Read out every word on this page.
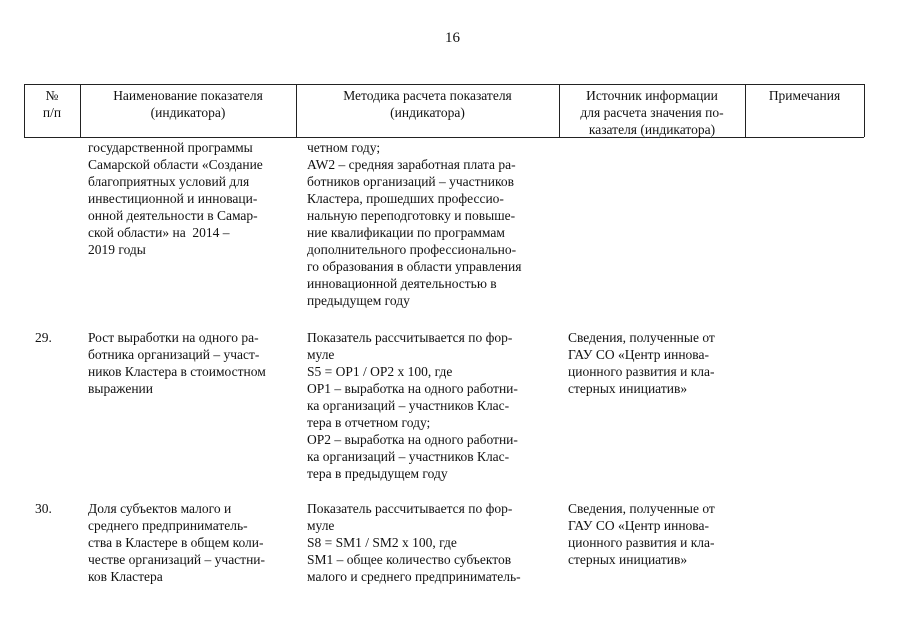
16
№
п/п
Наименование показателя
(индикатора)
Методика расчета показателя
(индикатора)
Источник информации
для расчета значения по-
казателя (индикатора)
Примечания
государственной программы
Самарской области «Создание
благоприятных условий для
инвестиционной и инноваци-
онной деятельности в Самар-
ской области» на  2014 –
2019 годы
четном году;
AW2 – средняя заработная плата ра-
ботников организаций – участников
Кластера, прошедших профессио-
нальную переподготовку и повыше-
ние квалификации по программам
дополнительного профессионально-
го образования в области управления
инновационной деятельностью в
предыдущем году
29.	Рост выработки на одного ра-
ботника организаций – участ-
ников Кластера в стоимостном
выражении
Показатель рассчитывается по фор-
муле
S5 = OP1 / OP2 x 100, где
OP1 – выработка на одного работни-
ка организаций – участников Клас-
тера в отчетном году;
OP2 – выработка на одного работни-
ка организаций – участников Клас-
тера в предыдущем году
Сведения, полученные от
ГАУ СО «Центр иннова-
ционного развития и кла-
стерных инициатив»
30.	Доля субъектов малого и
среднего предприниматель-
ства в Кластере в общем коли-
честве организаций – участни-
ков Кластера
Показатель рассчитывается по фор-
муле
S8 = SM1 / SM2 x 100, где
SM1 – общее количество субъектов
малого и среднего предприниматель-
Сведения, полученные от
ГАУ СО «Центр иннова-
ционного развития и кла-
стерных инициатив»
